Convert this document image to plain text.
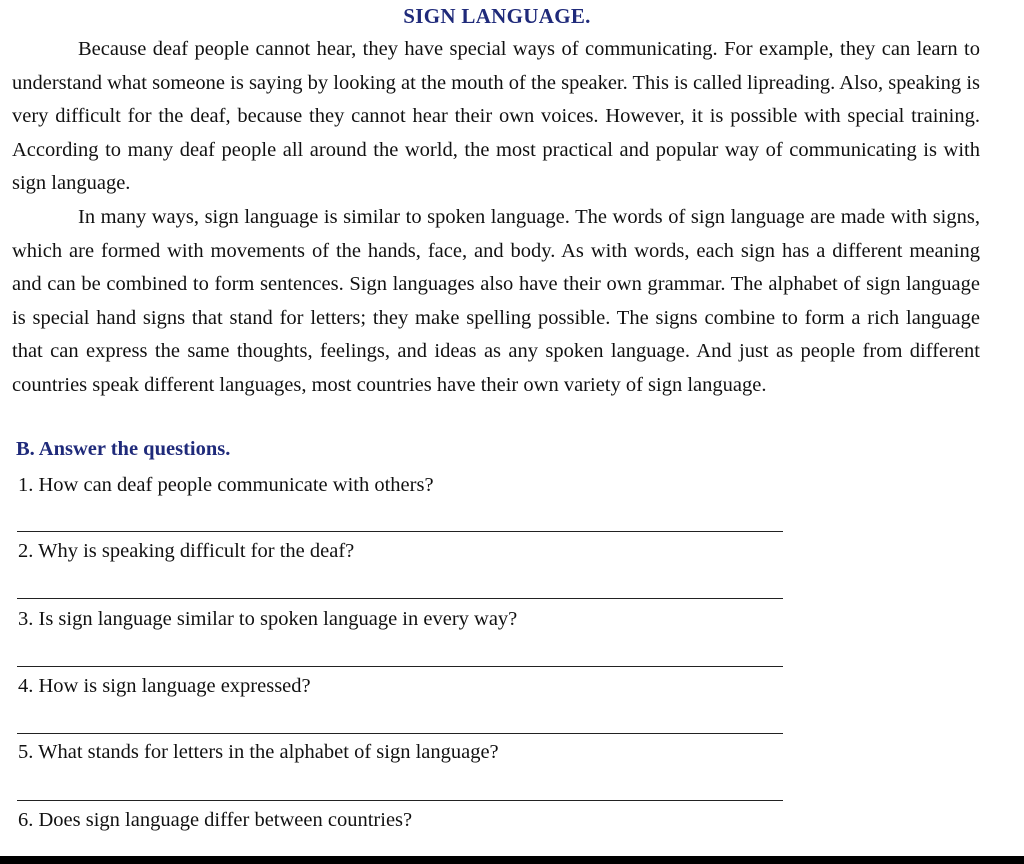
SIGN LANGUAGE.

Because deaf people cannot hear, they have special ways of communicating. For example, they can learn to understand what someone is saying by looking at the mouth of the speaker. This is called lipreading. Also, speaking is very difficult for the deaf, because they cannot hear their own voices. However, it is possible with special training. According to many deaf people all around the world, the most practical and popular way of communicating is with sign language.

In many ways, sign language is similar to spoken language. The words of sign language are made with signs, which are formed with movements of the hands, face, and body. As with words, each sign has a different meaning and can be combined to form sentences. Sign languages also have their own grammar. The alphabet of sign language is special hand signs that stand for letters; they make spelling possible. The signs combine to form a rich language that can express the same thoughts, feelings, and ideas as any spoken language. And just as people from different countries speak different languages, most countries have their own variety of sign language.

B. Answer the questions.
1. How can deaf people communicate with others?
2. Why is speaking difficult for the deaf?
3. Is sign language similar to spoken language in every way?
4. How is sign language expressed?
5. What stands for letters in the alphabet of sign language?
6. Does sign language differ between countries?
